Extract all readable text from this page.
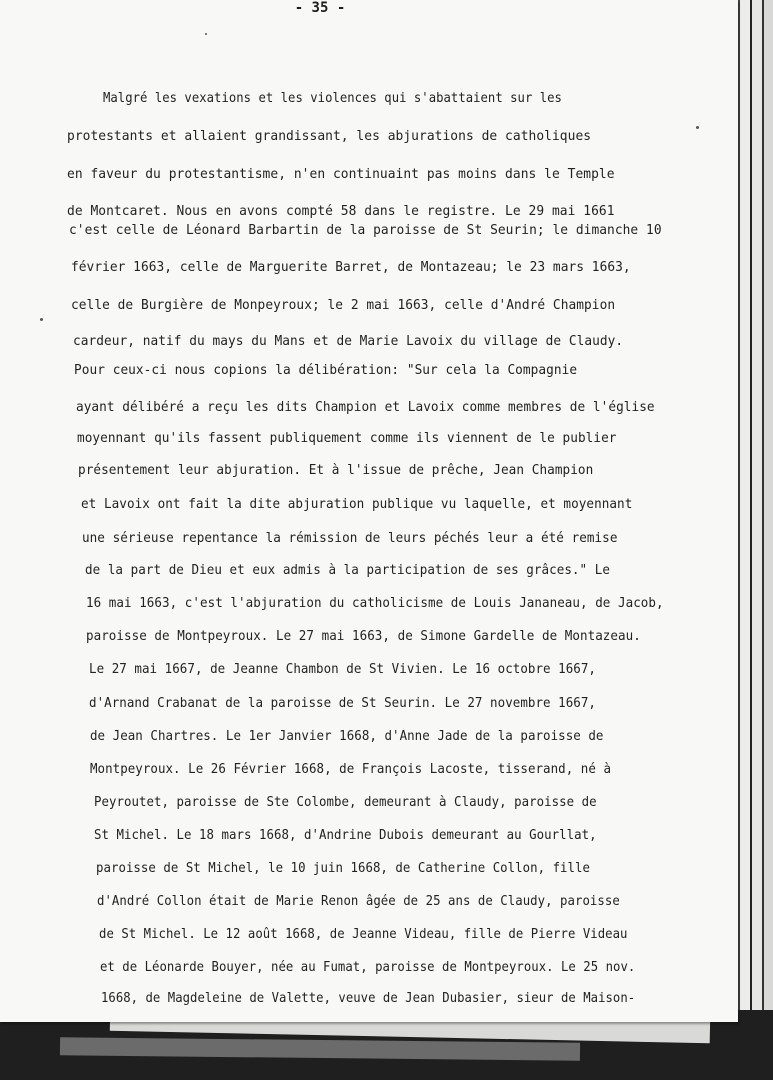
- 35 -
Malgré les vexations et les violences qui s'abattaient sur les
protestants et allaient grandissant, les abjurations de catholiques
en faveur du protestantisme, n'en continuaint pas moins dans le Temple
de Montcaret. Nous en avons compté 58 dans le registre. Le 29 mai 1661
c'est celle de Léonard Barbartin de la paroisse de St Seurin; le dimanche 10
février 1663, celle de Marguerite Barret, de Montazeau; le 23 mars 1663,
celle de Burgière de Monpeyroux; le 2 mai 1663, celle d'André Champion
cardeur, natif du mays du Mans et de Marie Lavoix du village de Claudy.
Pour ceux-ci nous copions la délibération: "Sur cela la Compagnie
ayant délibéré a reçu les dits Champion et Lavoix comme membres de l'église
moyennant qu'ils fassent publiquement comme ils viennent de le publier
présentement leur abjuration. Et à l'issue de prêche, Jean Champion
et Lavoix ont fait la dite abjuration publique vu laquelle, et moyennant
une sérieuse repentance la rémission de leurs péchés leur a été remise
de la part de Dieu et eux admis à la participation de ses grâces." Le
16 mai 1663, c'est l'abjuration du catholicisme de Louis Jananeau, de Jacob,
paroisse de Montpeyroux. Le 27 mai 1663, de Simone Gardelle de Montazeau.
Le 27 mai 1667, de Jeanne Chambon de St Vivien. Le 16 octobre 1667,
d'Arnand Crabanat de la paroisse de St Seurin. Le 27 novembre 1667,
de Jean Chartres. Le 1er Janvier 1668, d'Anne Jade de la paroisse de
Montpeyroux. Le 26 Février 1668, de François Lacoste, tisserand, né à
Peyroutet, paroisse de Ste Colombe, demeurant à Claudy, paroisse de
St Michel. Le 18 mars 1668, d'Andrine Dubois demeurant au Gourllat,
paroisse de St Michel, le 10 juin 1668, de Catherine Collon, fille
d'André Collon était de Marie Renon âgée de 25 ans de Claudy, paroisse
de St Michel. Le 12 août 1668, de Jeanne Videau, fille de Pierre Videau
et de Léonarde Bouyer, née au Fumat, paroisse de Montpeyroux. Le 25 nov.
1668, de Magdeleine de Valette, veuve de Jean Dubasier, sieur de Maison-
